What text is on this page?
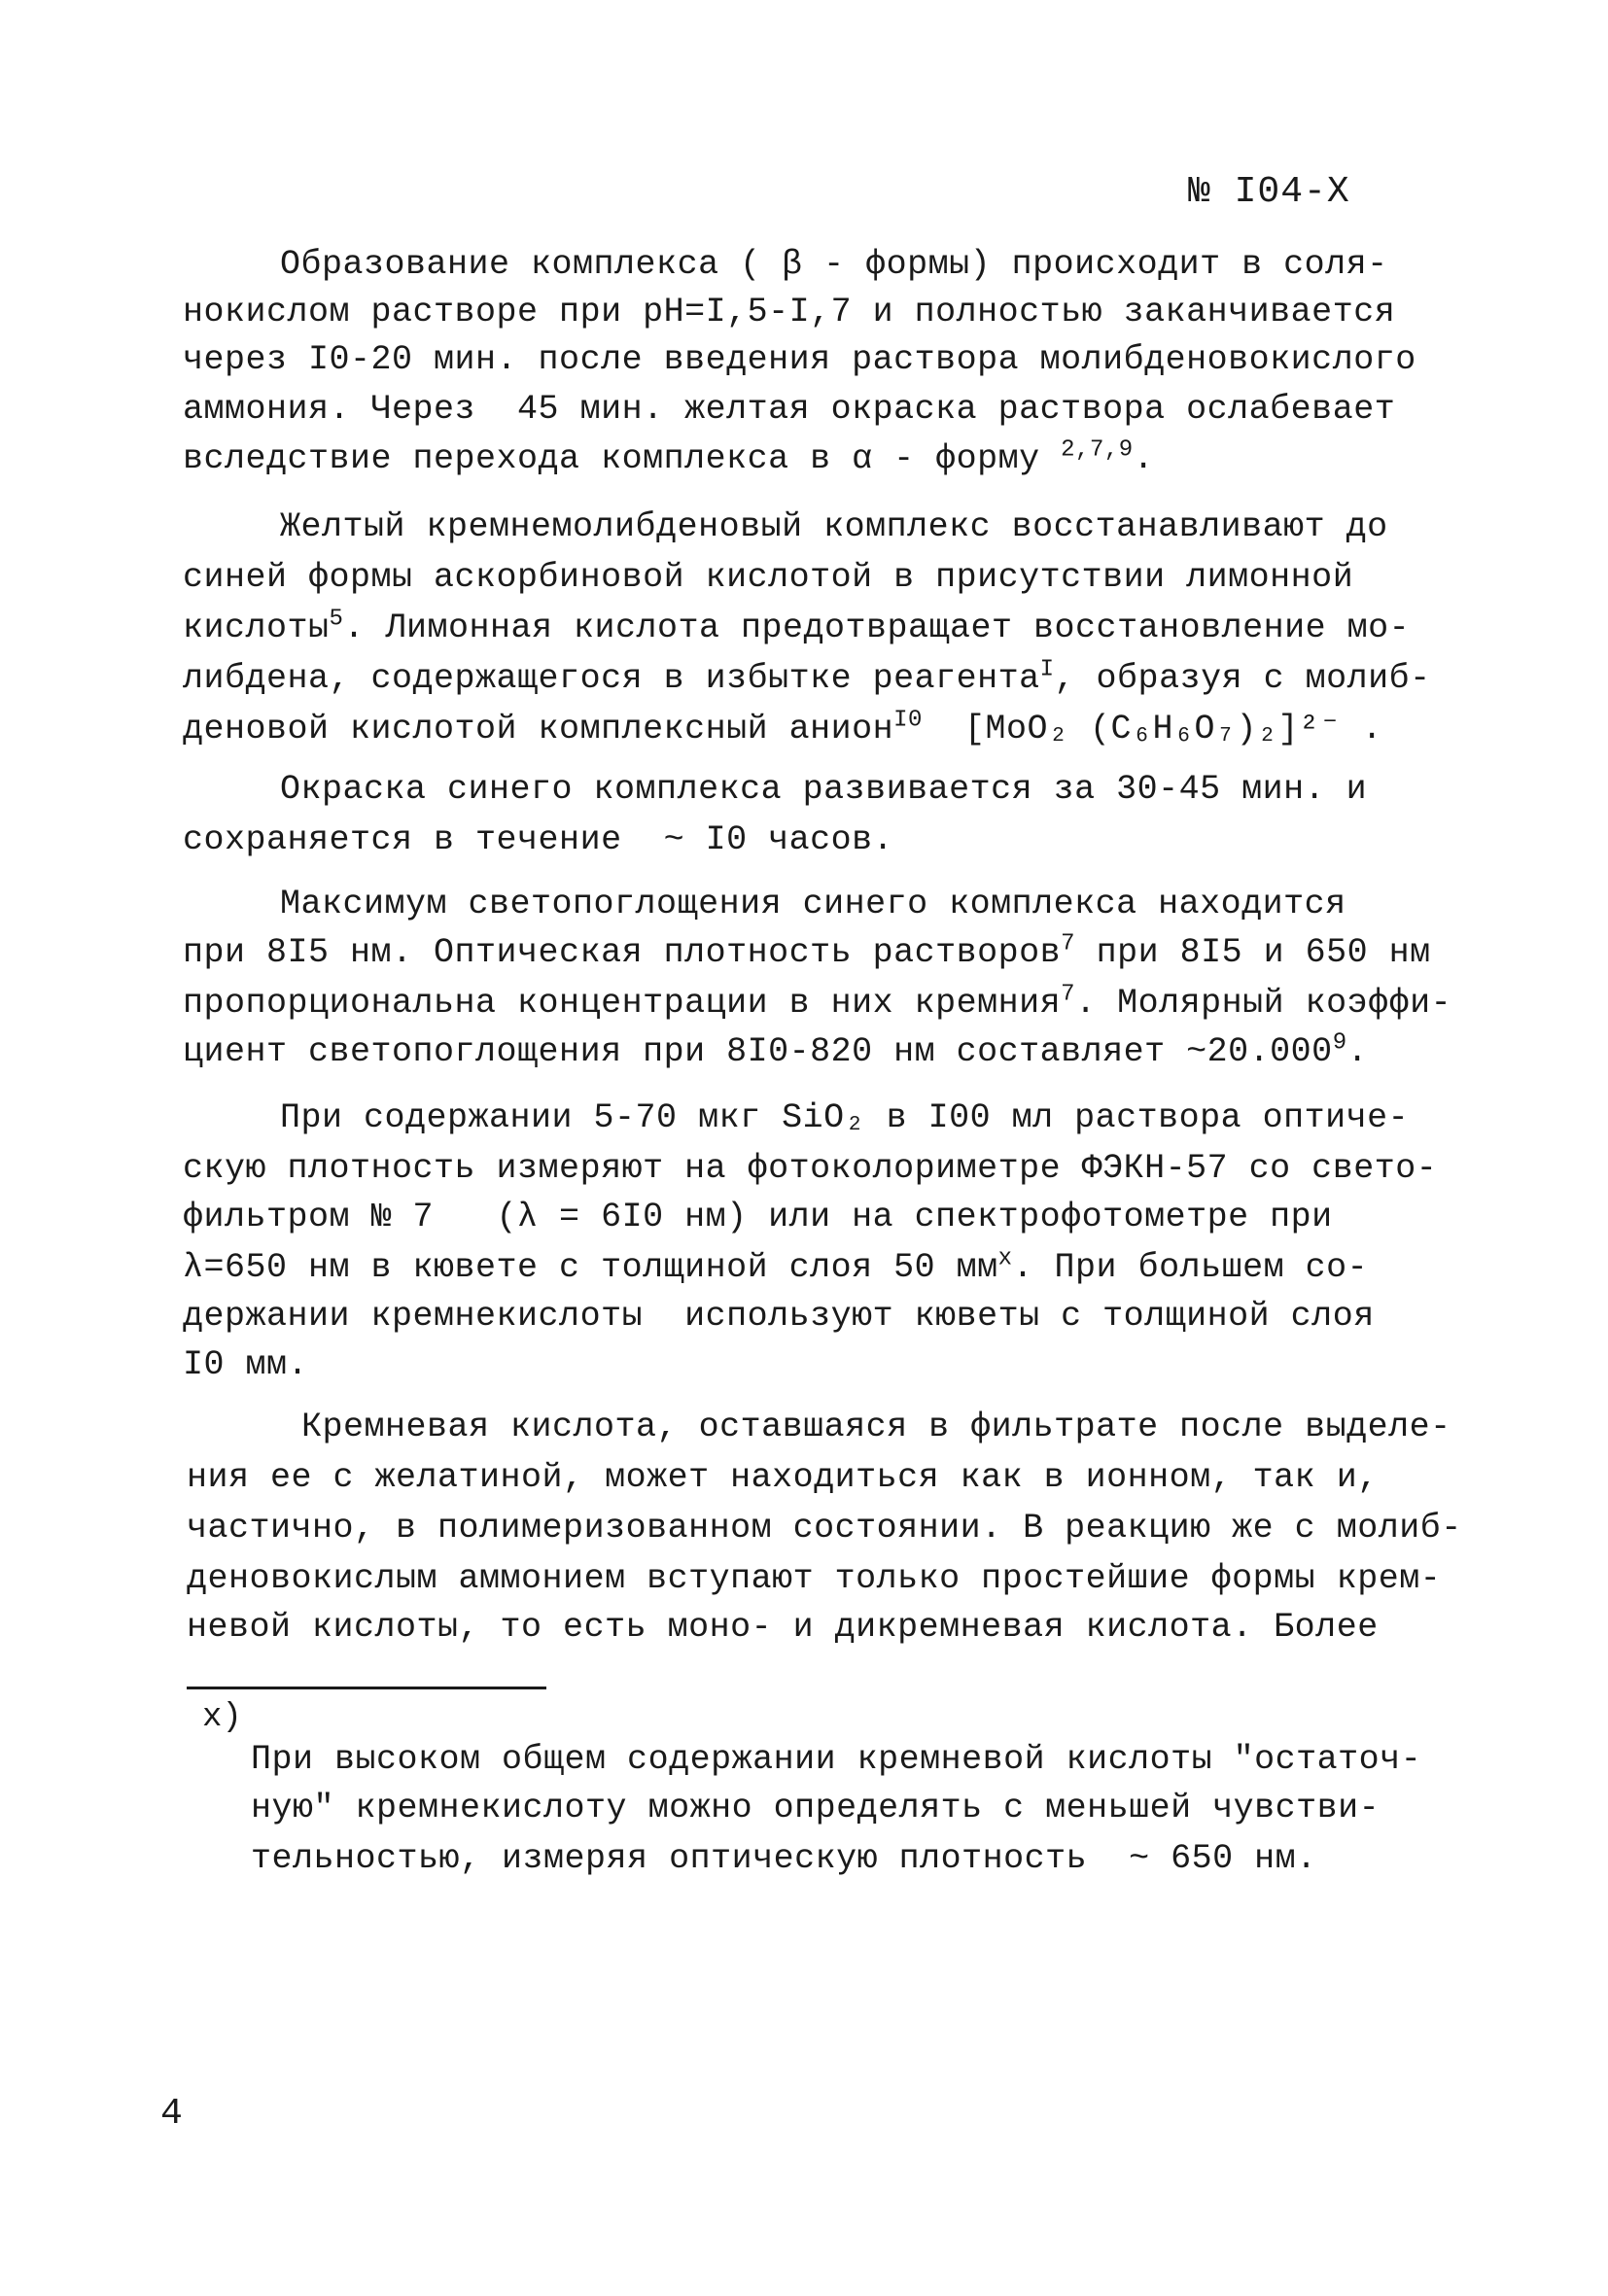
№ I04-X
Образование комплекса ( β - формы) происходит в соля-
нокислом растворе при pH=I,5-I,7 и полностью заканчивается
через I0-20 мин. после введения раствора молибденовокислого
аммония. Через  45 мин. желтая окраска раствора ослабевает
вследствие перехода комплекса в α - форму $^{2,7,9}$.
Желтый кремнемолибденовый комплекс восстанавливают до
синей формы аскорбиновой кислотой в присутствии лимонной
кислоты$^5$. Лимонная кислота предотвращает восстановление мо-
либдена, содержащегося в избытке реагента$^I$, образуя с молиб-
деновой кислотой комплексный анион$^{I0}$  [MoO₂ (C₆H₆O₇)₂]²⁻ .
Окраска синего комплекса развивается за 30-45 мин. и
сохраняется в течение  ~ I0 часов.
Максимум светопоглощения синего комплекса находится
при 8I5 нм. Оптическая плотность растворов$^7$ при 8I5 и 650 нм
пропорциональна концентрации в них кремния$^7$. Молярный коэффи-
циент светопоглощения при 8I0-820 нм составляет ~20.000$^9$.
При содержании 5-70 мкг SiO₂ в I00 мл раствора оптиче-
скую плотность измеряют на фотоколориметре ФЭКН-57 со свето-
фильтром № 7   (λ = 6I0 нм) или на спектрофотометре при
λ=650 нм в кювете с толщиной слоя 50 $мм^x$. При большем со-
держании кремнекислоты  используют кюветы с толщиной слоя
I0 мм.
Кремневая кислота, оставшаяся в фильтрате после выделе-
ния ее с желатиной, может находиться как в ионном, так и,
частично, в полимеризованном состоянии. В реакцию же с молиб-
деновокислым аммонием вступают только простейшие формы крем-
невой кислоты, то есть моно- и дикремневая кислота. Более
x)
При высоком общем содержании кремневой кислоты "остаточ-
ную" кремнекислоту можно определять с меньшей чувстви-
тельностью, измеряя оптическую плотность  ~ 650 нм.
4
